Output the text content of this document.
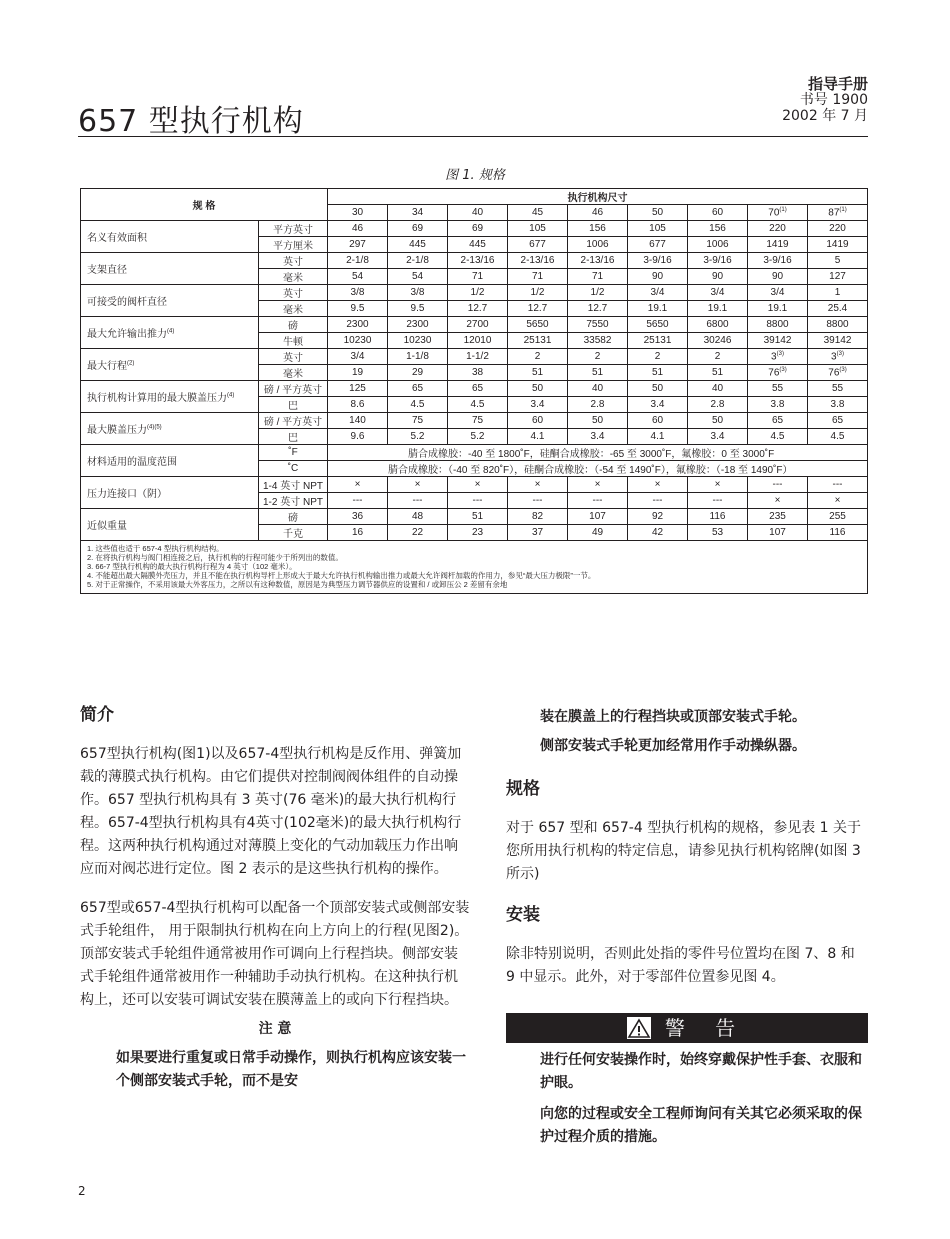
657 型执行机构
指导手册
书号 1900
2002 年 7 月
图 1. 规格
规 格		执行机构尺寸								
		30	34	40	45	46	50	60	70$^{(1)}$	87$^{(1)}$
名义有效面积	平方英寸	46	69	69	105	156	105	156	220	220
	平方厘米	297	445	445	677	1006	677	1006	1419	1419
支架直径	英寸	2-1/8	2-1/8	2-13/16	2-13/16	2-13/16	3-9/16	3-9/16	3-9/16	5
	毫米	54	54	71	71	71	90	90	90	127
可接受的阀杆直径	英寸	3/8	3/8	1/2	1/2	1/2	3/4	3/4	3/4	1
	毫米	9.5	9.5	12.7	12.7	12.7	19.1	19.1	19.1	25.4
最大允许输出推力$^{(4)}$	磅	2300	2300	2700	5650	7550	5650	6800	8800	8800
	牛顿	10230	10230	12010	25131	33582	25131	30246	39142	39142
最大行程$^{(2)}$	英寸	3/4	1-1/8	1-1/2	2	2	2	2	3$^{(3)}$	3$^{(3)}$
	毫米	19	29	38	51	51	51	51	76$^{(3)}$	76$^{(3)}$
执行机构计算用的最大膜盖压力$^{(4)}$	磅 / 平方英寸	125	65	65	50	40	50	40	55	55
	巴	8.6	4.5	4.5	3.4	2.8	3.4	2.8	3.8	3.8
最大膜盖压力$^{(4)(5)}$	磅 / 平方英寸	140	75	75	60	50	60	50	65	65
	巴	9.6	5.2	5.2	4.1	3.4	4.1	3.4	4.5	4.5
材料适用的温度范围	˚F	腈合成橡胶：-40 至 1800˚F，硅酮合成橡胶：-65 至 3000˚F，氟橡胶：0 至 3000˚F								
	˚C	腈合成橡胶：（-40 至 820˚F），硅酮合成橡胶：（-54 至 1490˚F），氟橡胶：（-18 至 1490˚F）								
压力连接口（阴）	1-4 英寸 NPT	×	×	×	×	×	×	×	---	---
	1-2 英寸 NPT	---	---	---	---	---	---	---	×	×
近似重量	磅	36	48	51	82	107	92	116	235	255
	千克	16	22	23	37	49	42	53	107	116

1. 这些值也适于 657-4 型执行机构结构。
2. 在将执行机构与阀门相连接之后，执行机构的行程可能少于所列出的数值。
3. 66-7 型执行机构的最大执行机构行程为 4 英寸（102 毫米）。
4. 不能超出最大隔膜外壳压力，并且不能在执行机构导杆上形成大于最大允许执行机构输出推力或最大允许阀杆加载的作用力，参见“最大压力极限”一节。
5. 对于正常操作，不采用该最大外客压力，之所以有这种数值，原因是为典型压力调节器供应的设置和 / 或卸压公 2 差留有余地										
简介

657型执行机构(图1)以及657-4型执行机构是反作用、弹簧加载的薄膜式执行机构。由它们提供对控制阀阀体组件的自动操作。657 型执行机构具有 3 英寸(76 毫米)的最大执行机构行程。657-4型执行机构具有4英寸(102毫米)的最大执行机构行程。这两种执行机构通过对薄膜上变化的气动加载压力作出响应而对阀芯进行定位。图 2 表示的是这些执行机构的操作。

657型或657-4型执行机构可以配备一个顶部安装式或侧部安装式手轮组件， 用于限制执行机构在向上方向上的行程(见图2)。顶部安装式手轮组件通常被用作可调向上行程挡块。侧部安装式手轮组件通常被用作一种辅助手动执行机构。在这种执行机构上，还可以安装可调试安装在膜薄盖上的或向下行程挡块。

注 意
如果要进行重复或日常手动操作，则执行机构应该安装一个侧部安装式手轮，而不是安
装在膜盖上的行程挡块或顶部安装式手轮。
侧部安装式手轮更加经常用作手动操纵器。
规格

对于 657 型和 657-4 型执行机构的规格，参见表 1 关于您所用执行机构的特定信息，请参见执行机构铭牌(如图 3 所示)

安装

除非特别说明，否则此处指的零件号位置均在图 7、8 和 9 中显示。此外，对于零部件位置参见图 4。

警 告
进行任何安装操作时，始终穿戴保护性手套、衣服和护眼。
向您的过程或安全工程师询问有关其它必须采取的保护过程介质的措施。
2
